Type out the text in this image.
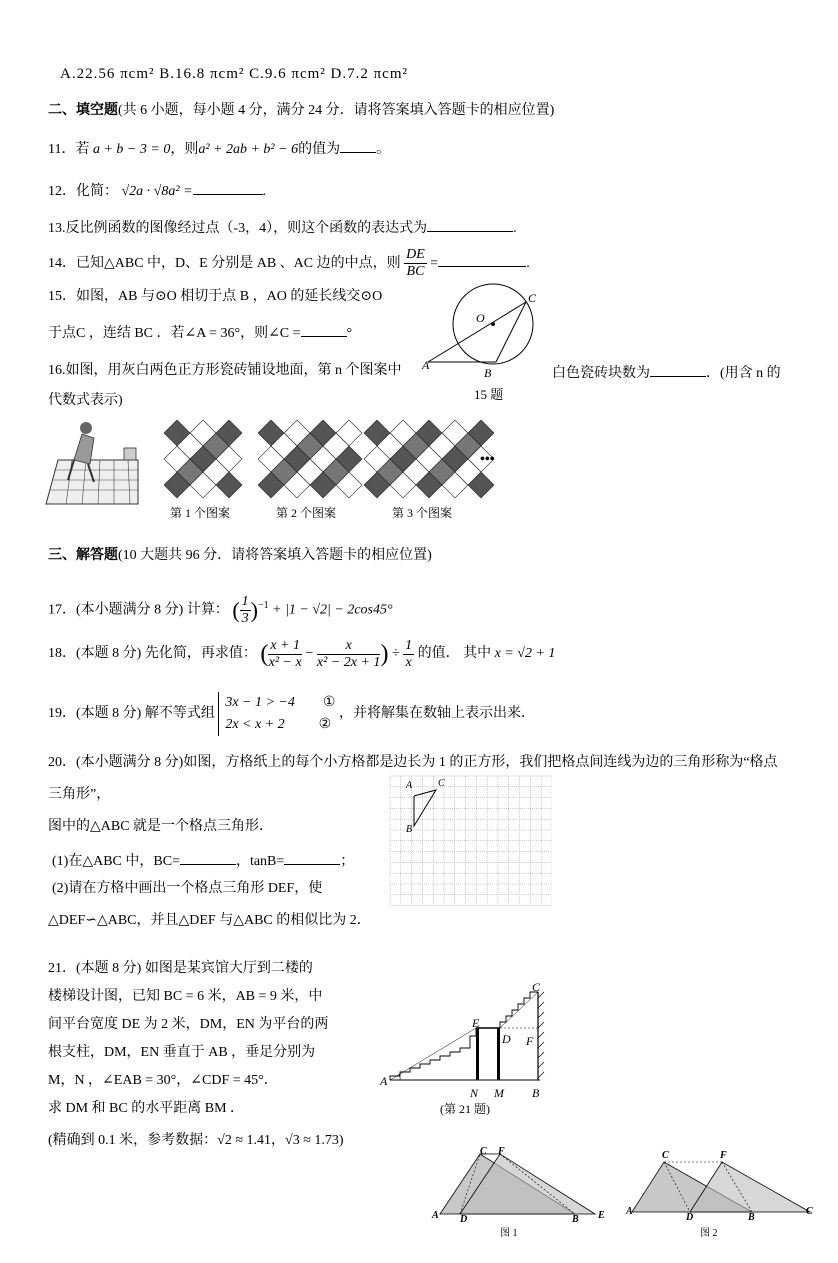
A.22.56 πcm² B.16.8 πcm² C.9.6 πcm² D.7.2 πcm²
二、填空题(共 6 小题，每小题 4 分，满分 24 分．请将答案填入答题卡的相应位置)
11．若 a + b − 3 = 0，则a² + 2ab + b² − 6的值为	。
12．化简： √2a · √8a² =	.
13.反比例函数的图像经过点（-3，4），则这个函数的表达式为	.
14．已知△ABC 中，D、E 分别是 AB 、AC 边的中点，则 $\frac{DE}{BC}$ =	.
15．如图，AB 与⊙O 相切于点 B ，AO 的延长线交⊙O
于点C ，连结 BC ．若∠A = 36°，则∠C =	°
O
C
A
B
15 题
16.如图，用灰白两色正方形瓷砖铺设地面，第 n 个图案中	白色瓷砖块数为	．(用含 n 的
代数式表示)
•••
第 1 个图案	第 2 个图案	第 3 个图案
三、解答题(10 大题共 96 分．请将答案填入答题卡的相应位置)
17．(本小题满分 8 分) 计算： ( $\frac{1}{3} )^{-1} + |1 - √2| - 2\cos 45^\circ$
18．(本题 8 分) 先化简，再求值： ( $\frac{x + 1}{\text{x² − x}} - \frac{x}{\text{x² − 2x + 1}}$ ) ÷ $\frac{1}{x}$ 的值． 其中 x = √2 + 1
19．(本题 8 分) 解不等式组
3x − 1 > −4 ①
2x < x + 2 ②
，并将解集在数轴上表示出来．
20．(本小题满分 8 分)如图，方格纸上的每个小方格都是边长为 1 的正方形，我们把格点间连线为边的三角形称为“格点
三角形”，
图中的△ABC 就是一个格点三角形．
(1)在△ABC 中，BC=	，tanB=	；
(2)请在方格中画出一个格点三角形 DEF，使
△DEF∽△ABC，并且△DEF 与△ABC 的相似比为 2．
A	C
B
21．(本题 8 分) 如图是某宾馆大厅到二楼的
楼梯设计图，已知 BC = 6 米，AB = 9 米，中
间平台宽度 DE 为 2 米，DM，EN 为平台的两
根支柱，DM，EN 垂直于 AB ，垂足分别为
M，N ，∠EAB = 30°，∠CDF = 45°．
求 DM 和 BC 的水平距离 BM ．
(精确到 0.1 米，参考数据：√2 ≈ 1.41，√3 ≈ 1.73)
C
E
D F
A
N M B
(第 21 题)
C F
A D	B E
图 1
C	F
A
D	B
C
图 2
